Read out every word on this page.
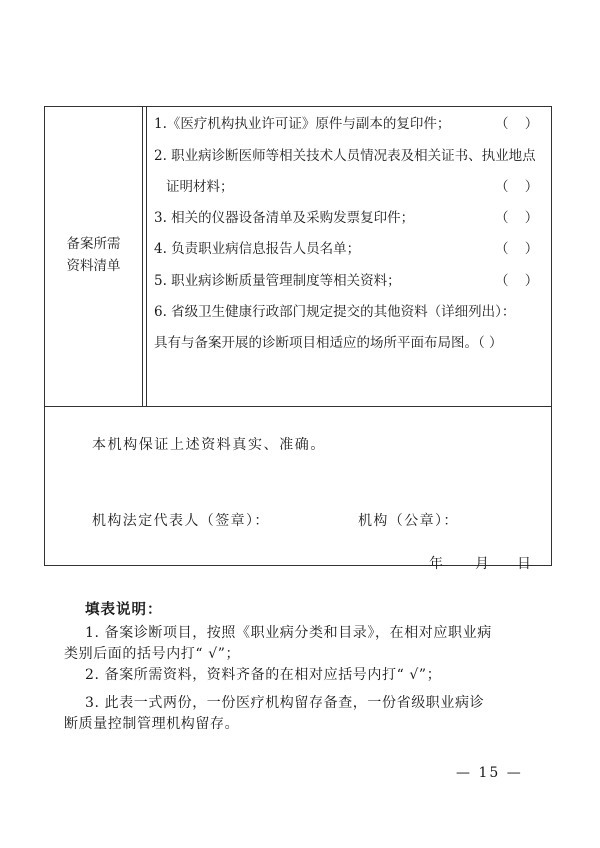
备案所需
资料清单
1.《医疗机构执业许可证》原件与副本的复印件；	（ ）
2. 职业病诊断医师等相关技术人员情况表及相关证书、执业地点
证明材料；	（ ）
3. 相关的仪器设备清单及采购发票复印件；	（ ）
4. 负责职业病信息报告人员名单；	（ ）
5. 职业病诊断质量管理制度等相关资料；	（ ）
6. 省级卫生健康行政部门规定提交的其他资料（详细列出）：
具有与备案开展的诊断项目相适应的场所平面布局图。（ ）
本机构保证上述资料真实、准确。
机构法定代表人（签章）：	机构（公章）：
年 月 日
填表说明：
1. 备案诊断项目，按照《职业病分类和目录》，在相对应职业病
类别后面的括号内打“ √”；
2. 备案所需资料，资料齐备的在相对应括号内打“ √”；
3. 此表一式两份，一份医疗机构留存备查，一份省级职业病诊
断质量控制管理机构留存。
— 15 —
